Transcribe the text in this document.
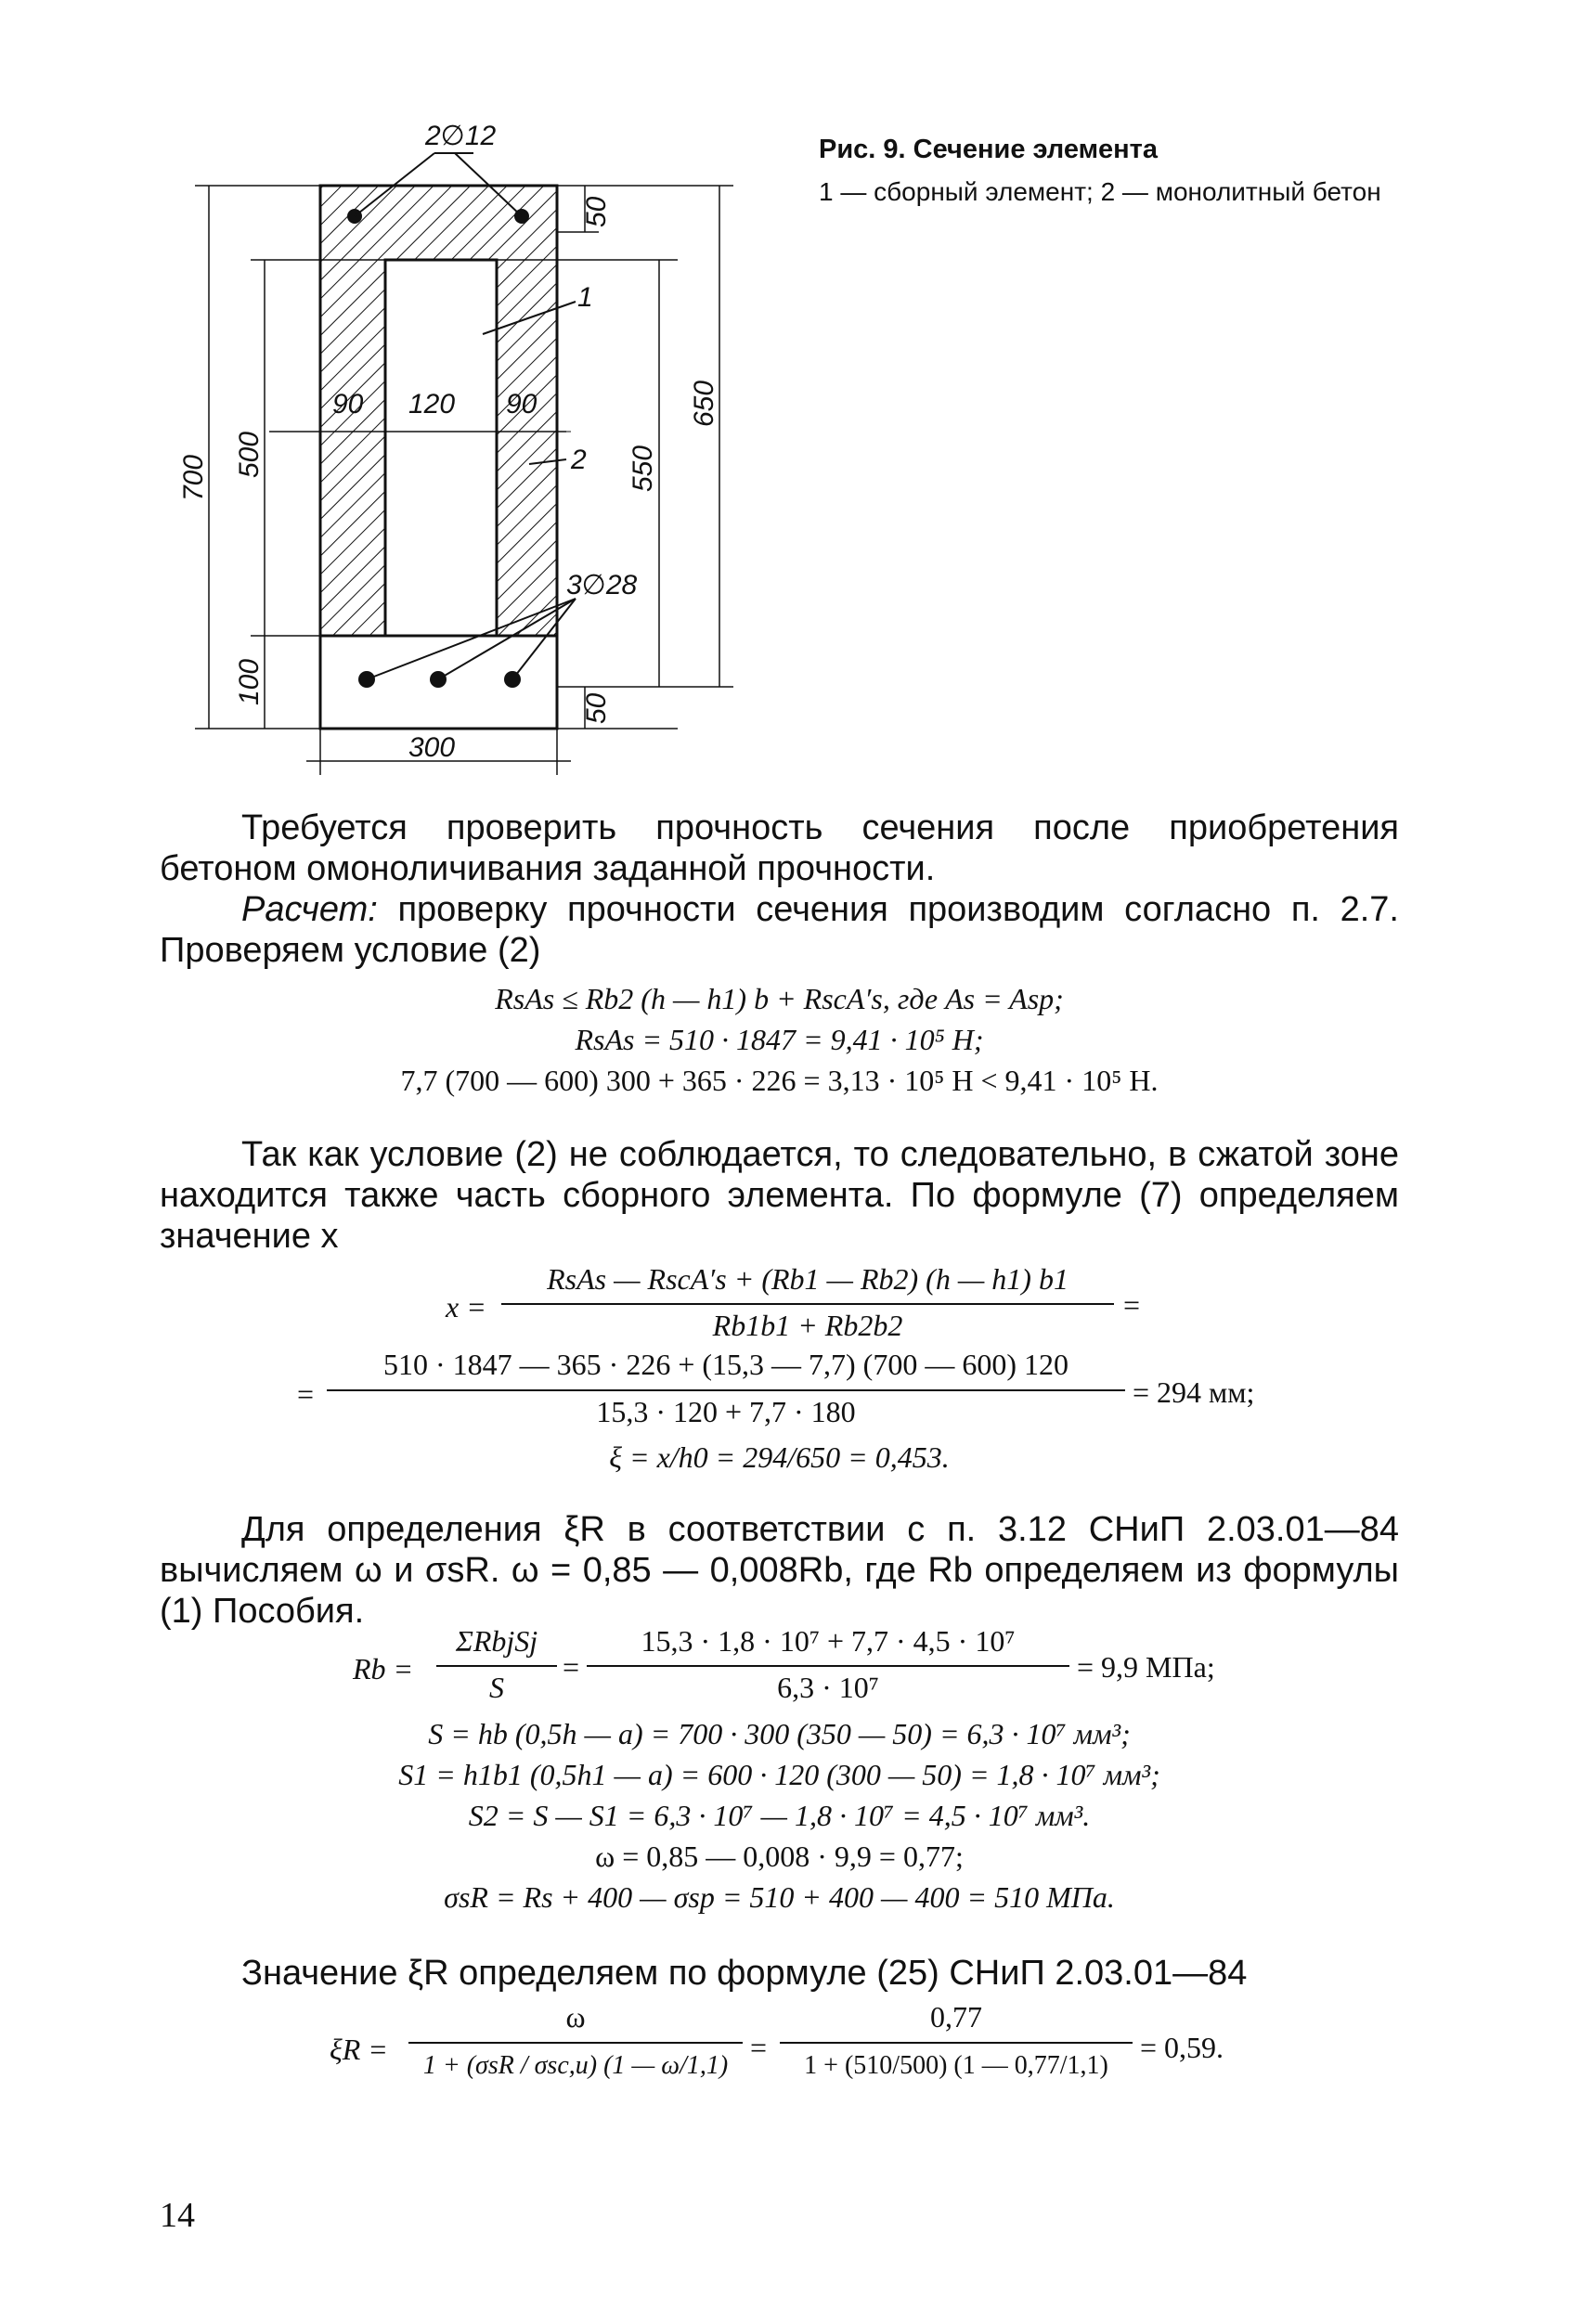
2∅12
3∅28
1
2
90 120 90
300
700 500
100
550
650
50
50
Рис. 9. Сечение элемента
1 — сборный элемент; 2 — монолитный бетон
Требуется проверить прочность сечения после приобретения бетоном омоноличивания заданной прочности.
Расчет: проверку прочности сечения производим согласно п. 2.7. Проверяем условие (2)
RsAs ≤ Rb2 (h — h1) b + RscA′s, где As = Asp;
RsAs = 510 · 1847 = 9,41 · 10⁵ Н;
7,7 (700 — 600) 300 + 365 · 226 = 3,13 · 10⁵ Н < 9,41 · 10⁵ Н.
Так как условие (2) не соблюдается, то следовательно, в сжатой зоне находится также часть сборного элемента. По формуле (7) определяем значение x
x =
RsAs — RscA′s + (Rb1 — Rb2) (h — h1) b1
Rb1b1 + Rb2b2
=
=
510 · 1847 — 365 · 226 + (15,3 — 7,7) (700 — 600) 120
15,3 · 120 + 7,7 · 180
= 294 мм;
ξ = x/h0 = 294/650 = 0,453.
Для определения ξR в соответствии с п. 3.12 СНиП 2.03.01—84 вычисляем ω и σsR. ω = 0,85 — 0,008Rb, где Rb определяем из формулы (1) Пособия.
Rb =
ΣRbjSj
S
=
15,3 · 1,8 · 10⁷ + 7,7 · 4,5 · 10⁷
6,3 · 10⁷
= 9,9 МПа;
S = hb (0,5h — a) = 700 · 300 (350 — 50) = 6,3 · 10⁷ мм³;
S1 = h1b1 (0,5h1 — a) = 600 · 120 (300 — 50) = 1,8 · 10⁷ мм³;
S2 = S — S1 = 6,3 · 10⁷ — 1,8 · 10⁷ = 4,5 · 10⁷ мм³.
ω = 0,85 — 0,008 · 9,9 = 0,77;
σsR = Rs + 400 — σsp = 510 + 400 — 400 = 510 МПа.
Значение ξR определяем по формуле (25) СНиП 2.03.01—84
ξR =
ω
1 + (σsR / σsc,u) (1 — ω/1,1)
=
0,77
1 + (510/500) (1 — 0,77/1,1)
= 0,59.
14
